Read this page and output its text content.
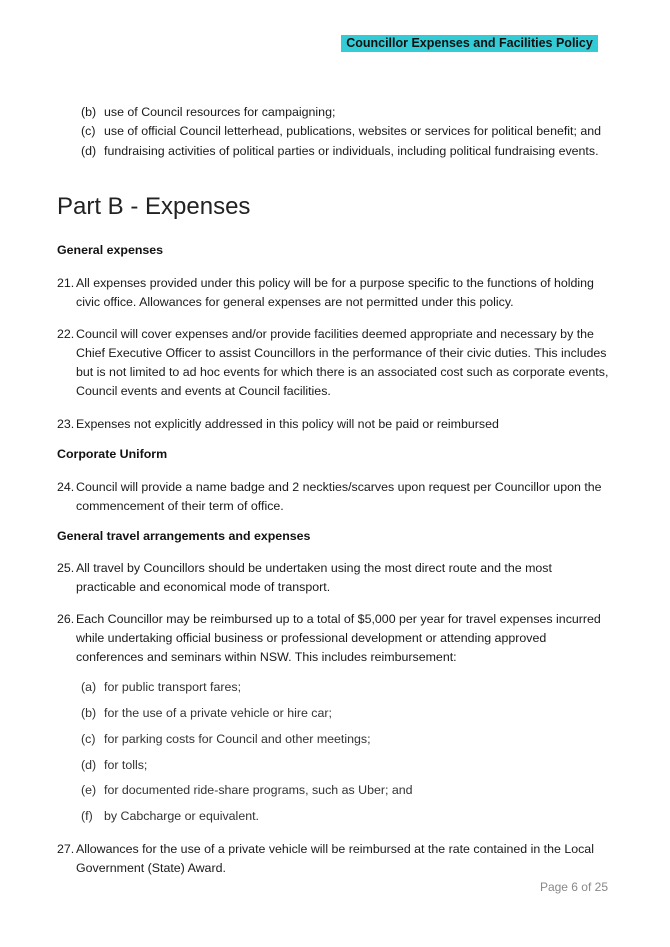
Councillor Expenses and Facilities Policy
(b) use of Council resources for campaigning;
(c) use of official Council letterhead, publications, websites or services for political benefit; and
(d) fundraising activities of political parties or individuals, including political fundraising events.
Part B - Expenses
General expenses
21. All expenses provided under this policy will be for a purpose specific to the functions of holding
civic office. Allowances for general expenses are not permitted under this policy.
22. Council will cover expenses and/or provide facilities deemed appropriate and necessary by the
Chief Executive Officer to assist Councillors in the performance of their civic duties. This includes
but is not limited to ad hoc events for which there is an associated cost such as corporate events,
Council events and events at Council facilities.
23. Expenses not explicitly addressed in this policy will not be paid or reimbursed
Corporate Uniform
24. Council will provide a name badge and 2 neckties/scarves upon request per Councillor upon the
commencement of their term of office.
General travel arrangements and expenses
25. All travel by Councillors should be undertaken using the most direct route and the most
practicable and economical mode of transport.
26. Each Councillor may be reimbursed up to a total of $5,000 per year for travel expenses incurred
while undertaking official business or professional development or attending approved
conferences and seminars within NSW. This includes reimbursement:
(a) for public transport fares;
(b) for the use of a private vehicle or hire car;
(c) for parking costs for Council and other meetings;
(d) for tolls;
(e) for documented ride-share programs, such as Uber; and
(f) by Cabcharge or equivalent.
27. Allowances for the use of a private vehicle will be reimbursed at the rate contained in the Local
Government (State) Award.
Page 6 of 25
